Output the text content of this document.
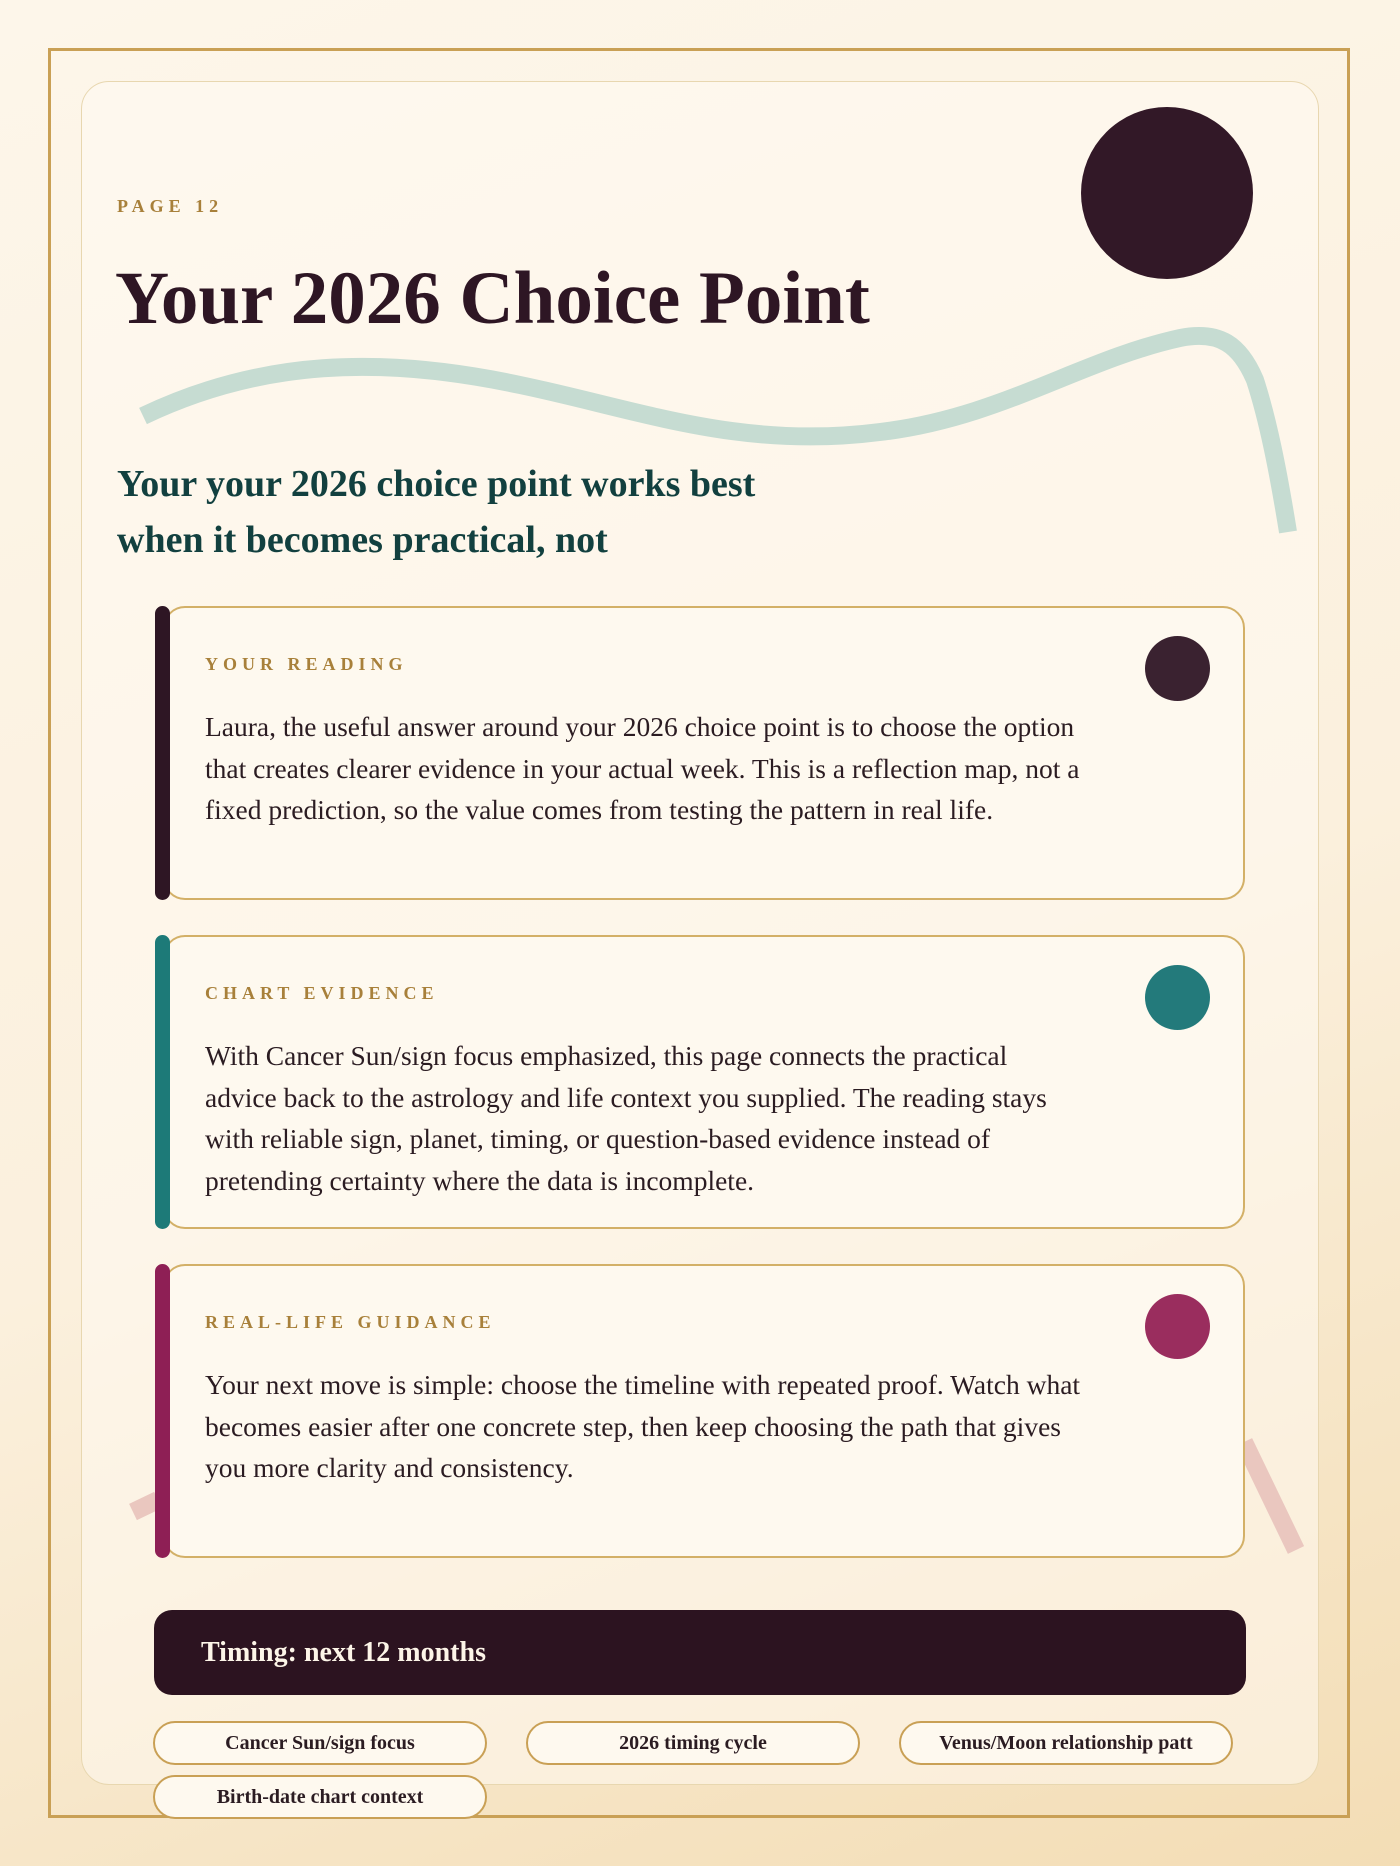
PAGE 12
Your 2026 Choice Point

Your your 2026 choice point works best when it becomes practical, not

YOUR READING

Laura, the useful answer around your 2026 choice point is to choose the option that creates clearer evidence in your actual week. This is a reflection map, not a fixed prediction, so the value comes from testing the pattern in real life.

CHART EVIDENCE

With Cancer Sun/sign focus emphasized, this page connects the practical advice back to the astrology and life context you supplied. The reading stays with reliable sign, planet, timing, or question-based evidence instead of pretending certainty where the data is incomplete.

REAL-LIFE GUIDANCE

Your next move is simple: choose the timeline with repeated proof. Watch what becomes easier after one concrete step, then keep choosing the path that gives you more clarity and consistency.

Timing: next 12 months
Cancer Sun/sign focus	2026 timing cycle	Venus/Moon relationship patt
Birth-date chart context
